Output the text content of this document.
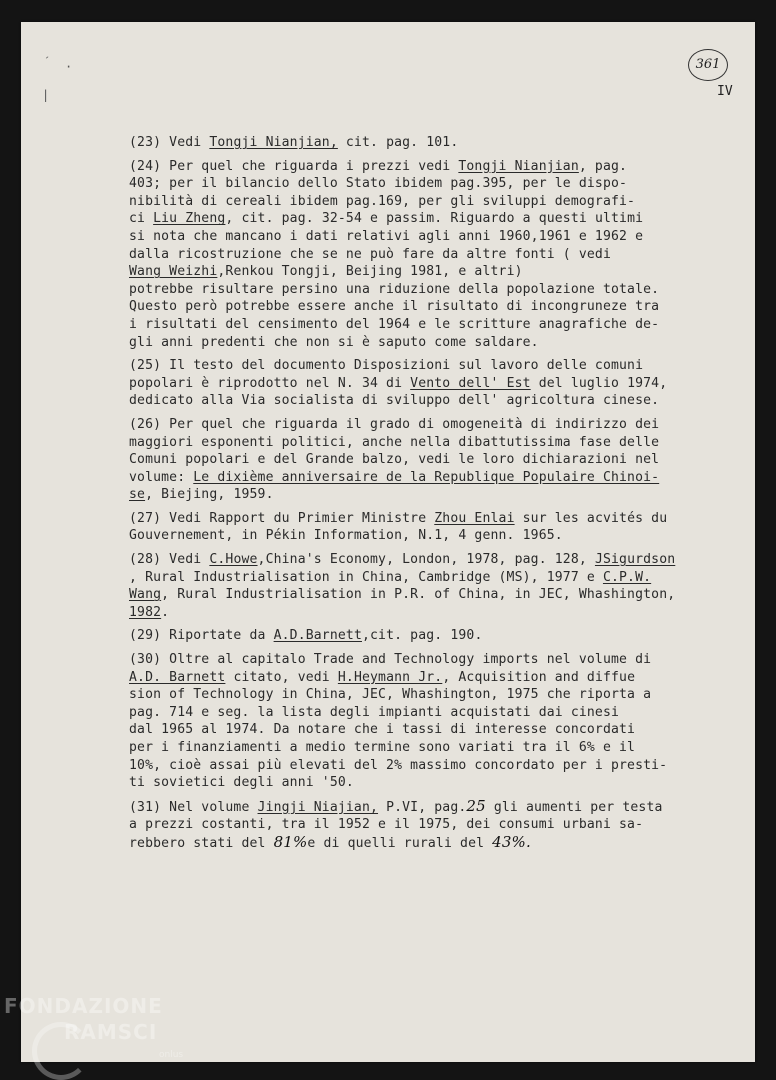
ˊ ·
|
361
IV
(23) Vedi Tongji Nianjian, cit. pag. 101.
(24) Per quel che riguarda i prezzi vedi Tongji Nianjian, pag.
403; per il bilancio dello Stato ibidem pag.395, per le dispo-
nibilità di cereali ibidem pag.169, per gli sviluppi demografi-
ci Liu Zheng, cit. pag. 32-54 e passim. Riguardo a questi ultimi
si nota che mancano i dati relativi agli anni 1960,1961 e 1962 e
dalla ricostruzione che se ne può fare da altre fonti ( vedi
Wang Weizhi,Renkou Tongji, Beijing 1981, e altri)
potrebbe risultare persino una riduzione della popolazione totale.
Questo però potrebbe essere anche il risultato di incongruneze tra
i risultati del censimento del 1964 e le scritture anagrafiche de-
gli anni predenti che non si è saputo come saldare.
(25) Il testo del documento Disposizioni sul lavoro delle comuni
popolari è riprodotto nel N. 34 di Vento dell' Est del luglio 1974,
dedicato alla Via socialista di sviluppo dell' agricoltura cinese.
(26) Per quel che riguarda il grado di omogeneità di indirizzo dei
maggiori esponenti politici, anche nella dibattutissima fase delle
Comuni popolari e del Grande balzo, vedi le loro dichiarazioni nel
volume: Le dixième anniversaire de la Republique Populaire Chinoi-
se, Biejing, 1959.
(27) Vedi Rapport du Primier Ministre Zhou Enlai sur les acvités du
Gouvernement, in Pékin Information, N.1, 4 genn. 1965.
(28) Vedi C.Howe,China's Economy, London, 1978, pag. 128, JSigurdson
, Rural Industrialisation in China, Cambridge (MS), 1977 e C.P.W.
Wang, Rural Industrialisation in P.R. of China, in JEC, Whashington,
1982.
(29) Riportate da A.D.Barnett,cit. pag. 190.
(30) Oltre al capitalo Trade and Technology imports nel volume di
A.D. Barnett citato, vedi H.Heymann Jr., Acquisition and diffue
sion of Technology in China, JEC, Whashington, 1975 che riporta a
pag. 714 e seg. la lista degli impianti acquistati dai cinesi
dal 1965 al 1974. Da notare che i tassi di interesse concordati
per i finanziamenti a medio termine sono variati tra il 6% e il
10%, cioè assai più elevati del 2% massimo concordato per i presti-
ti sovietici degli anni '50.
(31) Nel volume Jingji Niajian, P.VI, pag.25 gli aumenti per testa
a prezzi costanti, tra il 1952 e il 1975, dei consumi urbani sa-
rebbero stati del 81%e di quelli rurali del 43%.
FONDAZIONE
RAMSCI
onlus
